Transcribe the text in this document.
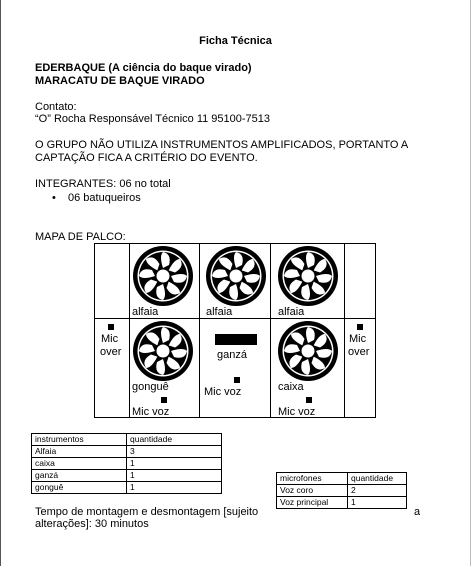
Ficha Técnica
EDERBAQUE (A ciência do baque virado)
MARACATU DE BAQUE VIRADO
Contato:
“O” Rocha Responsável Técnico 11 95100-7513
O GRUPO NÃO UTILIZA INSTRUMENTOS AMPLIFICADOS, PORTANTO A
CAPTAÇÃO FICA A CRITÉRIO DO EVENTO.
INTEGRANTES: 06 no total
• 06 batuqueiros
MAPA DE PALCO:
alfaia	alfaia	alfaia
Mic
over
Mic
over
gonguê
Mic voz
ganzá
Mic voz	caixa
Mic voz
instrumentos	quantidade
Alfaia	3
caixa	1
ganzá	1
gonguê	1
microfones	quantidade
Voz coro	2
Voz principal	1
Tempo de montagem e desmontagem [sujeito	a
alterações]: 30 minutos
